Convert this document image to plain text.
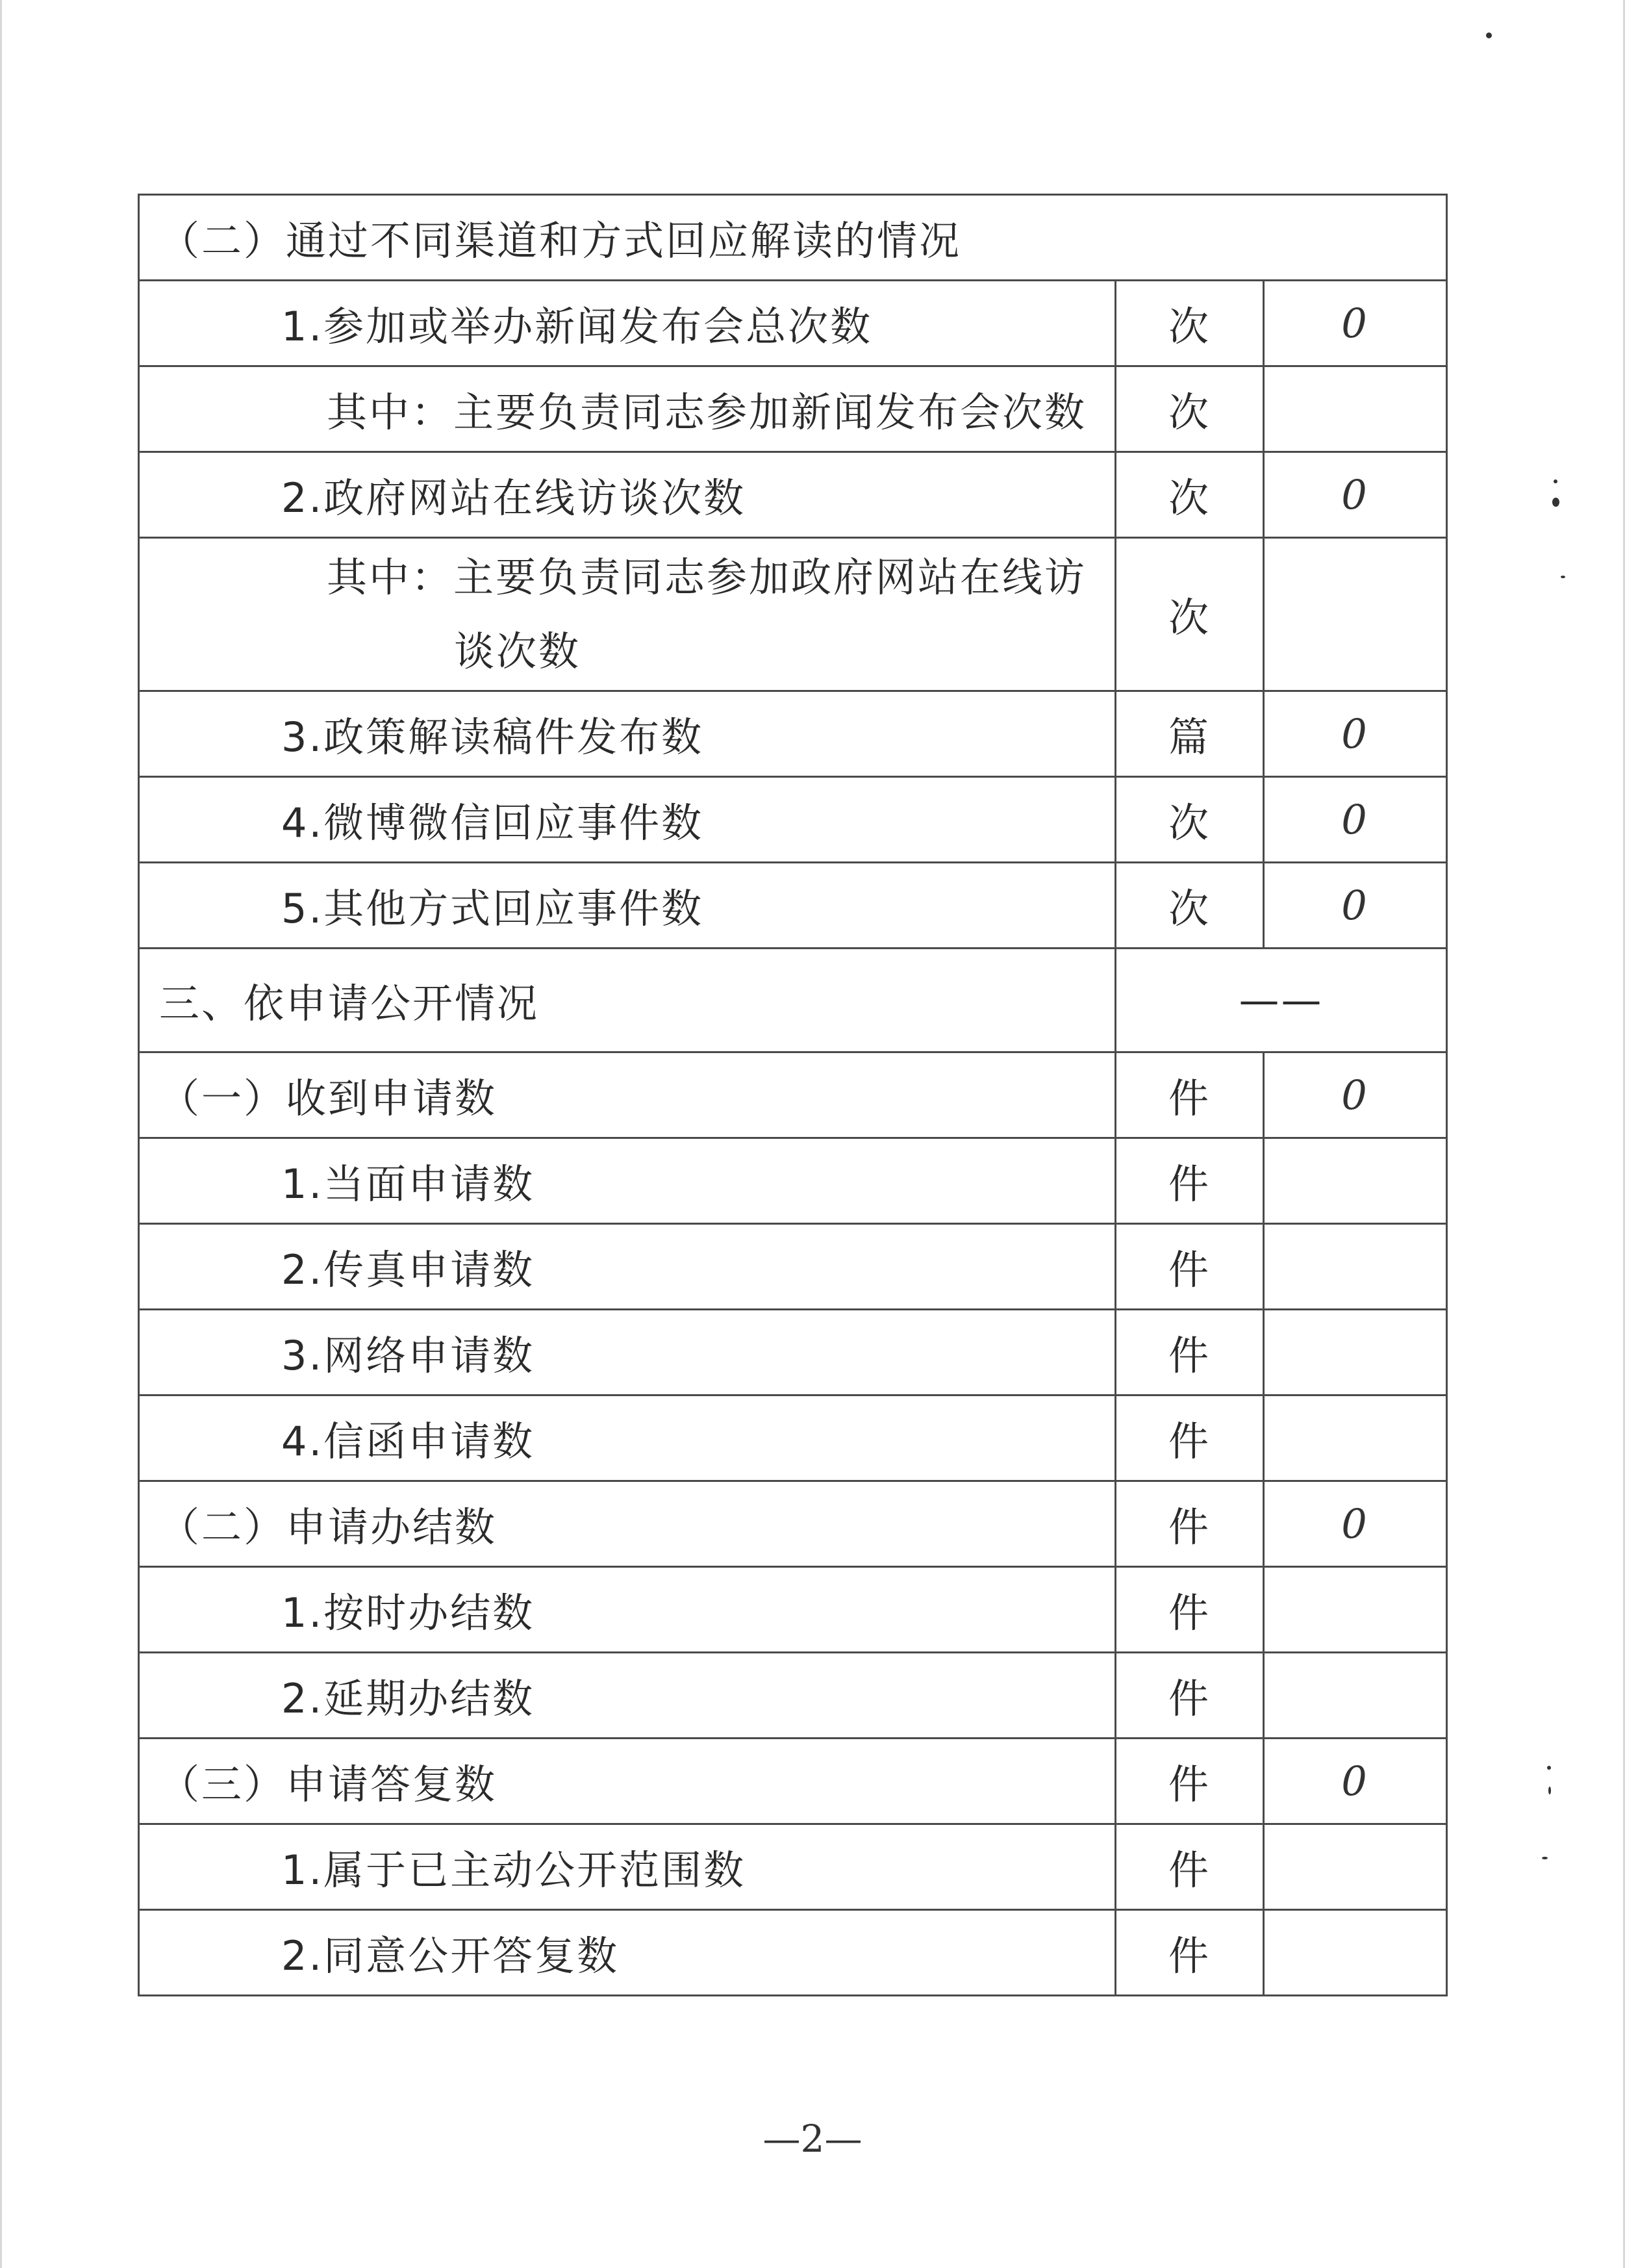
（二）通过不同渠道和方式回应解读的情况		
1.参加或举办新闻发布会总次数	次	0
其中：主要负责同志参加新闻发布会次数	次	
2.政府网站在线访谈次数	次	0
其中：主要负责同志参加政府网站在线访
谈次数	次	
3.政策解读稿件发布数	篇	0
4.微博微信回应事件数	次	0
5.其他方式回应事件数	次	0
三、依申请公开情况	——	
（一）收到申请数	件	0
1.当面申请数	件	
2.传真申请数	件	
3.网络申请数	件	
4.信函申请数	件	
（二）申请办结数	件	0
1.按时办结数	件	
2.延期办结数	件	
（三）申请答复数	件	0
1.属于已主动公开范围数	件	
2.同意公开答复数	件	
—2—
